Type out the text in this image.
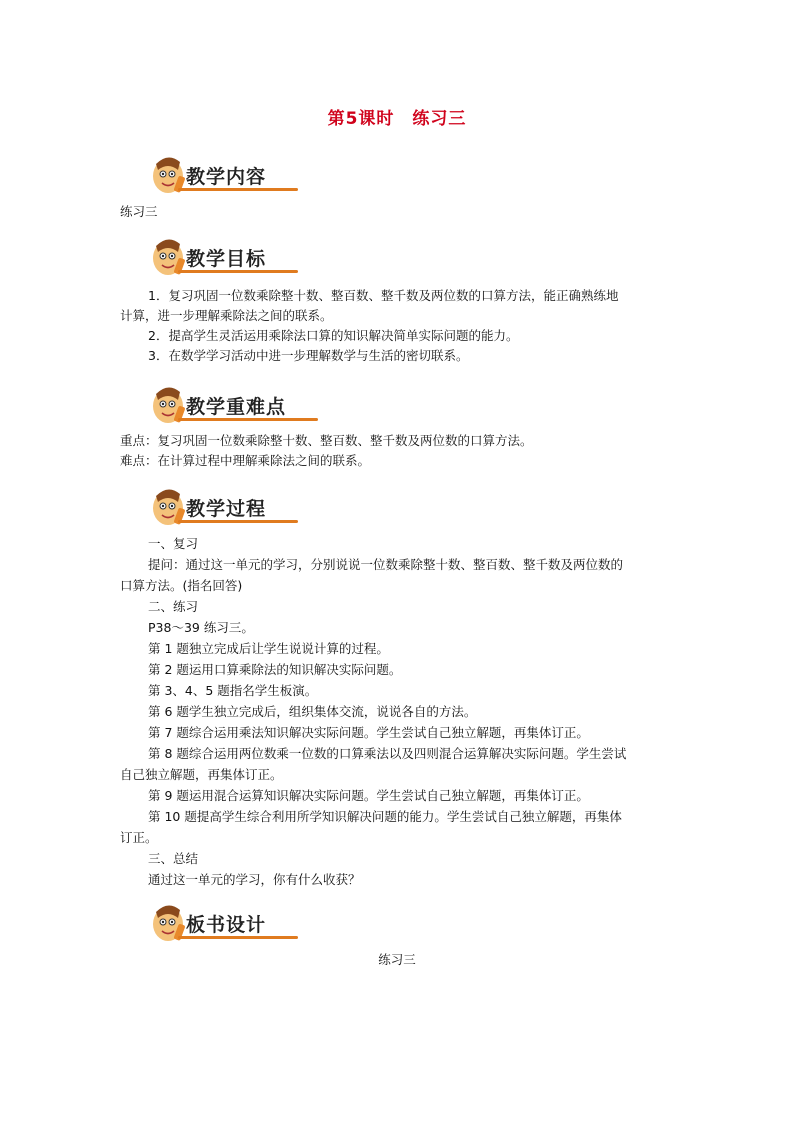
第5课时 练习三
教学内容
练习三
教学目标
1．复习巩固一位数乘除整十数、整百数、整千数及两位数的口算方法，能正确熟练地
计算，进一步理解乘除法之间的联系。
2．提高学生灵活运用乘除法口算的知识解决简单实际问题的能力。
3．在数学学习活动中进一步理解数学与生活的密切联系。
教学重难点
重点：复习巩固一位数乘除整十数、整百数、整千数及两位数的口算方法。
难点：在计算过程中理解乘除法之间的联系。
教学过程
一、复习
提问：通过这一单元的学习，分别说说一位数乘除整十数、整百数、整千数及两位数的
口算方法。(指名回答)
二、练习
P38～39 练习三。
第 1 题独立完成后让学生说说计算的过程。
第 2 题运用口算乘除法的知识解决实际问题。
第 3、4、5 题指名学生板演。
第 6 题学生独立完成后，组织集体交流，说说各自的方法。
第 7 题综合运用乘法知识解决实际问题。学生尝试自己独立解题，再集体订正。
第 8 题综合运用两位数乘一位数的口算乘法以及四则混合运算解决实际问题。学生尝试
自己独立解题，再集体订正。
第 9 题运用混合运算知识解决实际问题。学生尝试自己独立解题，再集体订正。
第 10 题提高学生综合利用所学知识解决问题的能力。学生尝试自己独立解题，再集体
订正。
三、总结
通过这一单元的学习，你有什么收获？
板书设计
练习三
